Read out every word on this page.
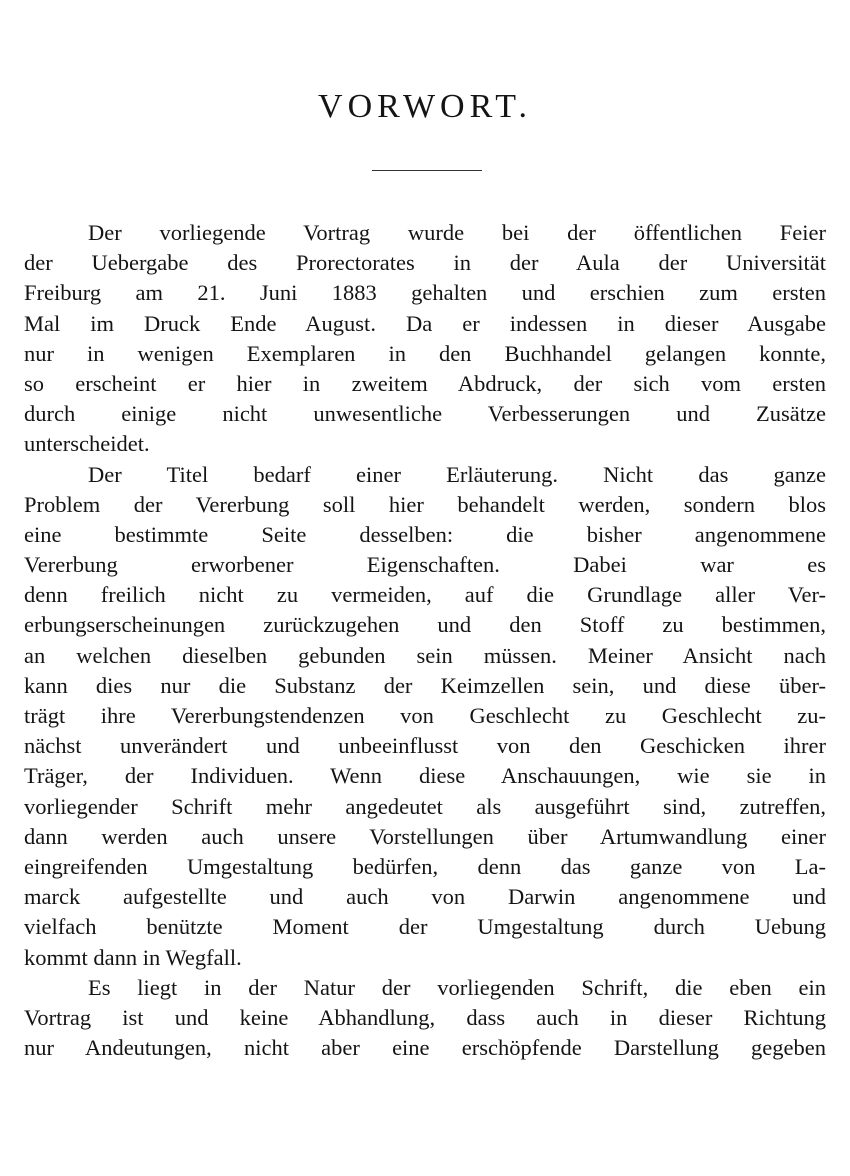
VORWORT.
Der vorliegende Vortrag wurde bei der öffentlichen Feier
der Uebergabe des Prorectorates in der Aula der Universität
Freiburg am 21. Juni 1883 gehalten und erschien zum ersten
Mal im Druck Ende August. Da er indessen in dieser Ausgabe
nur in wenigen Exemplaren in den Buchhandel gelangen konnte,
so erscheint er hier in zweitem Abdruck, der sich vom ersten
durch einige nicht unwesentliche Verbesserungen und Zusätze
unterscheidet.
Der Titel bedarf einer Erläuterung. Nicht das ganze
Problem der Vererbung soll hier behandelt werden, sondern blos
eine bestimmte Seite desselben: die bisher angenommene
Vererbung erworbener Eigenschaften. Dabei war es
denn freilich nicht zu vermeiden, auf die Grundlage aller Ver-
erbungserscheinungen zurückzugehen und den Stoff zu bestimmen,
an welchen dieselben gebunden sein müssen. Meiner Ansicht nach
kann dies nur die Substanz der Keimzellen sein, und diese über-
trägt ihre Vererbungstendenzen von Geschlecht zu Geschlecht zu-
nächst unverändert und unbeeinflusst von den Geschicken ihrer
Träger, der Individuen. Wenn diese Anschauungen, wie sie in
vorliegender Schrift mehr angedeutet als ausgeführt sind, zutreffen,
dann werden auch unsere Vorstellungen über Artumwandlung einer
eingreifenden Umgestaltung bedürfen, denn das ganze von La-
marck aufgestellte und auch von Darwin angenommene und
vielfach benützte Moment der Umgestaltung durch Uebung
kommt dann in Wegfall.
Es liegt in der Natur der vorliegenden Schrift, die eben ein
Vortrag ist und keine Abhandlung, dass auch in dieser Richtung
nur Andeutungen, nicht aber eine erschöpfende Darstellung gegeben
